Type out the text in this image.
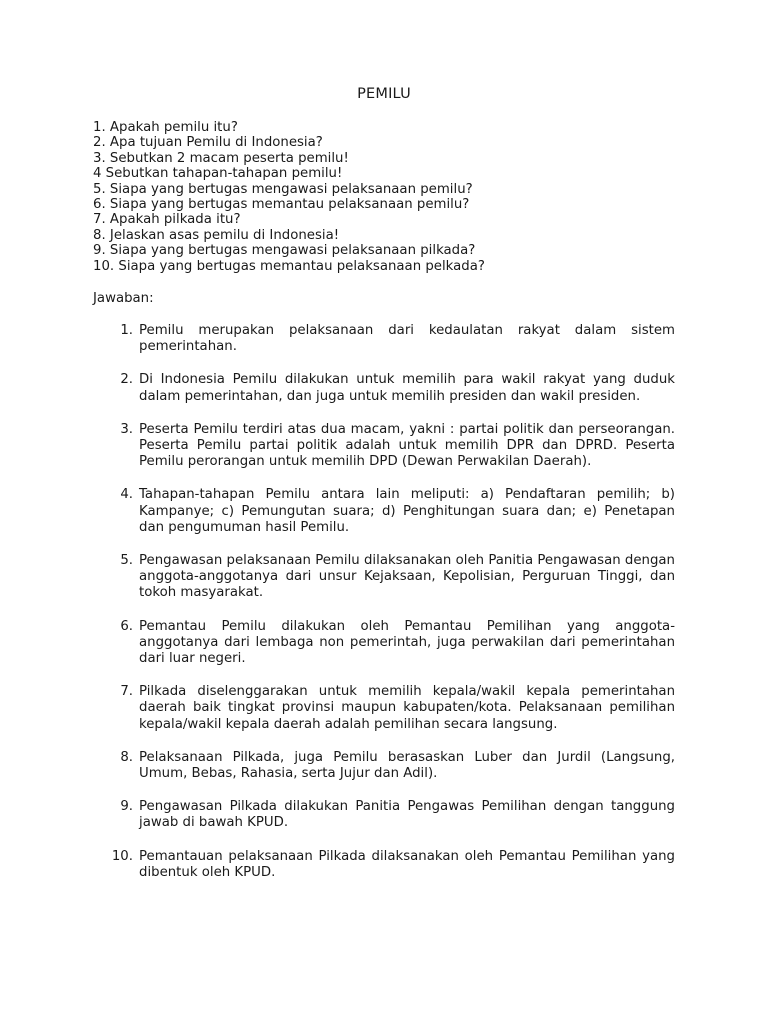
PEMILU
1. Apakah pemilu itu?
2. Apa tujuan Pemilu di Indonesia?
3. Sebutkan 2 macam peserta pemilu!
4 Sebutkan tahapan-tahapan pemilu!
5. Siapa yang bertugas mengawasi pelaksanaan pemilu?
6. Siapa yang bertugas memantau pelaksanaan pemilu?
7. Apakah pilkada itu?
8. Jelaskan asas pemilu di Indonesia!
9. Siapa yang bertugas mengawasi pelaksanaan pilkada?
10. Siapa yang bertugas memantau pelaksanaan pelkada?
Jawaban:
1. Pemilu merupakan pelaksanaan dari kedaulatan rakyat dalam sistem pemerintahan.
2. Di Indonesia Pemilu dilakukan untuk memilih para wakil rakyat yang duduk dalam pemerintahan, dan juga untuk memilih presiden dan wakil presiden.
3. Peserta Pemilu terdiri atas dua macam, yakni : partai politik dan perseorangan. Peserta Pemilu partai politik adalah untuk memilih DPR dan DPRD. Peserta Pemilu perorangan untuk memilih DPD (Dewan Perwakilan Daerah).
4. Tahapan-tahapan Pemilu antara lain meliputi: a) Pendaftaran pemilih; b) Kampanye; c) Pemungutan suara; d) Penghitungan suara dan; e) Penetapan dan pengumuman hasil Pemilu.
5. Pengawasan pelaksanaan Pemilu dilaksanakan oleh Panitia Pengawasan dengan anggota-anggotanya dari unsur Kejaksaan, Kepolisian, Perguruan Tinggi, dan tokoh masyarakat.
6. Pemantau Pemilu dilakukan oleh Pemantau Pemilihan yang anggota-anggotanya dari lembaga non pemerintah, juga perwakilan dari pemerintahan dari luar negeri.
7. Pilkada diselenggarakan untuk memilih kepala/wakil kepala pemerintahan daerah baik tingkat provinsi maupun kabupaten/kota. Pelaksanaan pemilihan kepala/wakil kepala daerah adalah pemilihan secara langsung.
8. Pelaksanaan Pilkada, juga Pemilu berasaskan Luber dan Jurdil (Langsung, Umum, Bebas, Rahasia, serta Jujur dan Adil).
9. Pengawasan Pilkada dilakukan Panitia Pengawas Pemilihan dengan tanggung jawab di bawah KPUD.
10. Pemantauan pelaksanaan Pilkada dilaksanakan oleh Pemantau Pemilihan yang dibentuk oleh KPUD.
